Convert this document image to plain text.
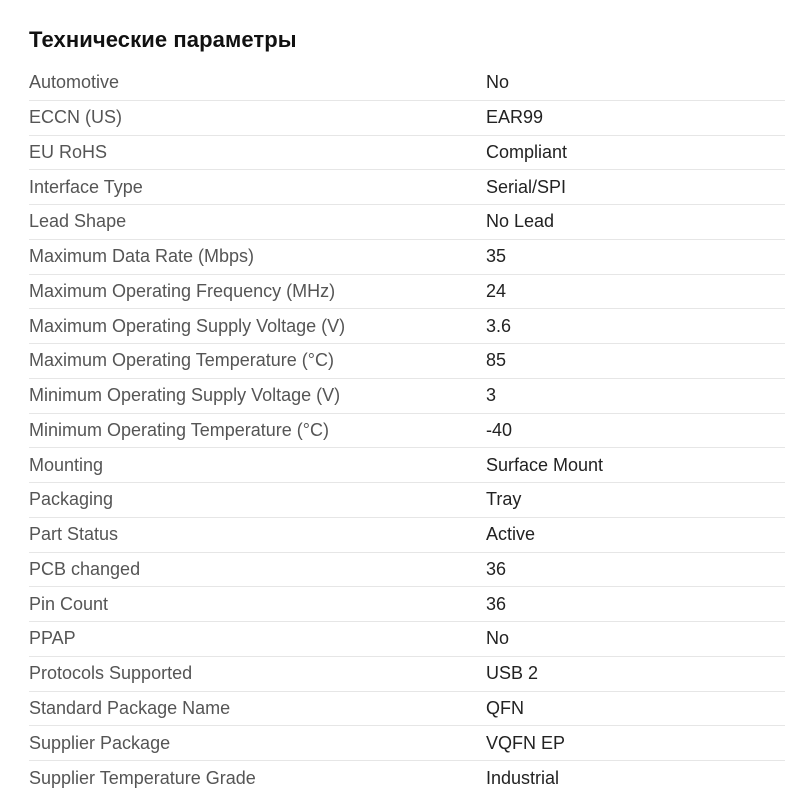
Технические параметры
Automotive	No
ECCN (US)	EAR99
EU RoHS	Compliant
Interface Type	Serial/SPI
Lead Shape	No Lead
Maximum Data Rate (Mbps)	35
Maximum Operating Frequency (MHz)	24
Maximum Operating Supply Voltage (V)	3.6
Maximum Operating Temperature (°C)	85
Minimum Operating Supply Voltage (V)	3
Minimum Operating Temperature (°C)	-40
Mounting	Surface Mount
Packaging	Tray
Part Status	Active
PCB changed	36
Pin Count	36
PPAP	No
Protocols Supported	USB 2
Standard Package Name	QFN
Supplier Package	VQFN EP
Supplier Temperature Grade	Industrial
